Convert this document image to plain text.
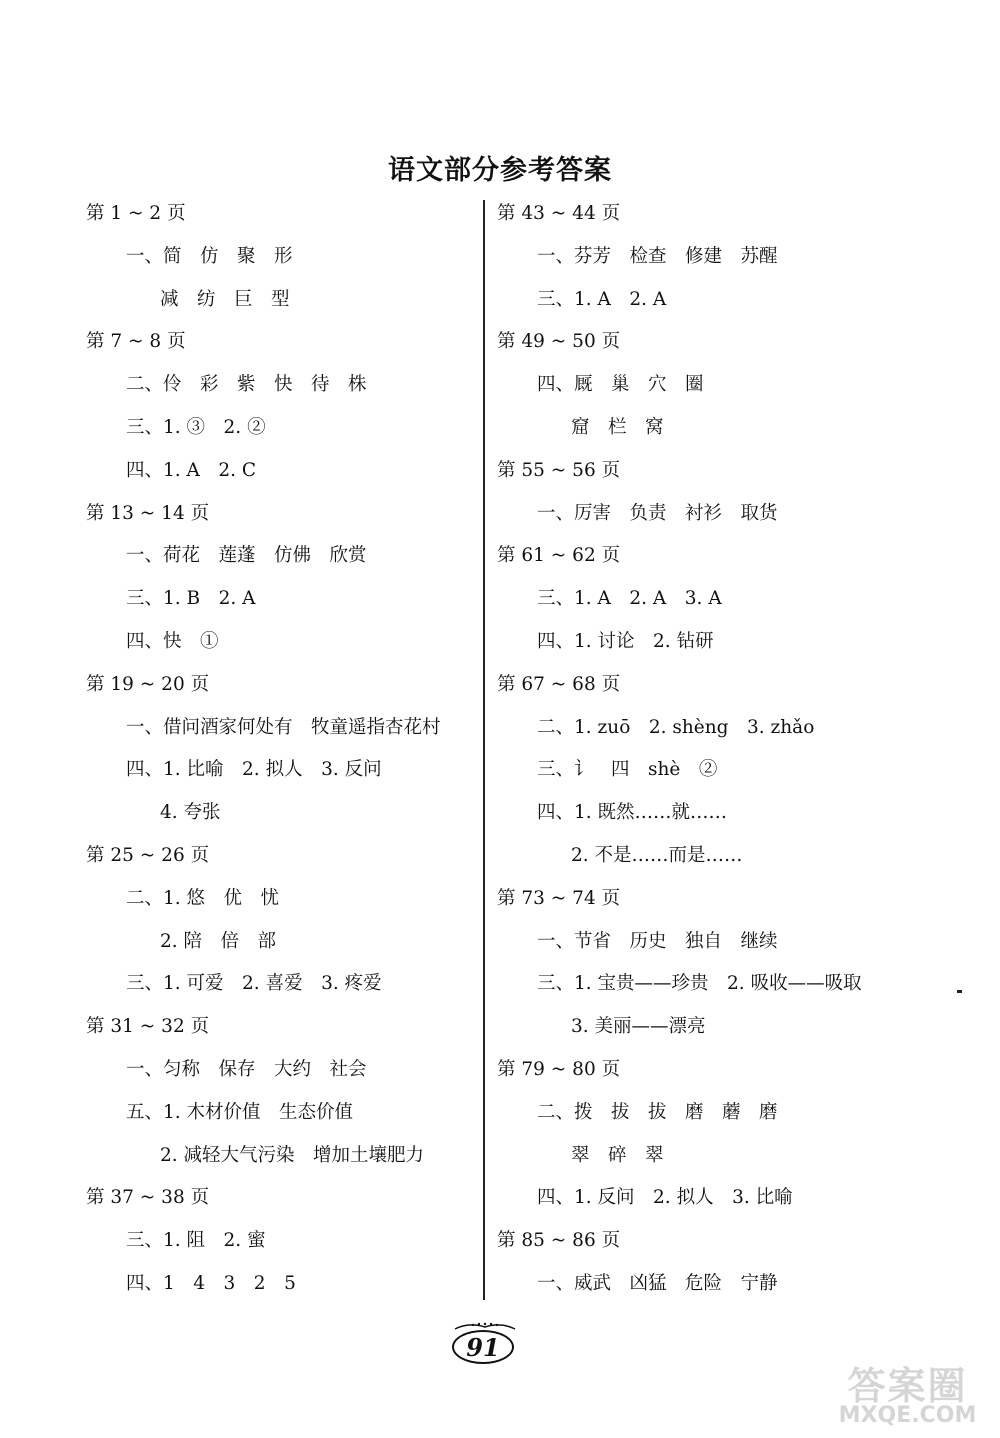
语文部分参考答案
第 1 ~ 2 页
一、简　仿　聚　形
减　纺　巨　型
第 7 ~ 8 页
二、伶　彩　紫　快　待　株
三、1. ③　2. ②
四、1. A　2. C
第 13 ~ 14 页
一、荷花　莲蓬　仿佛　欣赏
三、1. B　2. A
四、快　①
第 19 ~ 20 页
一、借问酒家何处有　牧童遥指杏花村
四、1. 比喻　2. 拟人　3. 反问
4. 夸张
第 25 ~ 26 页
二、1. 悠　优　忧
2. 陪　倍　部
三、1. 可爱　2. 喜爱　3. 疼爱
第 31 ~ 32 页
一、匀称　保存　大约　社会
五、1. 木材价值　生态价值
2. 减轻大气污染　增加土壤肥力
第 37 ~ 38 页
三、1. 阻　2. 蜜
四、1　4　3　2　5
第 43 ~ 44 页
一、芬芳　检查　修建　苏醒
三、1. A　2. A
第 49 ~ 50 页
四、厩　巢　穴　圈
窟　栏　窝
第 55 ~ 56 页
一、厉害　负责　衬衫　取货
第 61 ~ 62 页
三、1. A　2. A　3. A
四、1. 讨论　2. 钻研
第 67 ~ 68 页
二、1. zuō　2. shèng　3. zhǎo
三、讠　四　shè　②
四、1. 既然……就……
2. 不是……而是……
第 73 ~ 74 页
一、节省　历史　独自　继续
三、1. 宝贵——珍贵　2. 吸收——吸取
3. 美丽——漂亮
第 79 ~ 80 页
二、拨　拔　拔　磨　蘑　磨
翠　碎　翠
四、1. 反问　2. 拟人　3. 比喻
第 85 ~ 86 页
一、威武　凶猛　危险　宁静
91
答案圈
MXQE.COM
